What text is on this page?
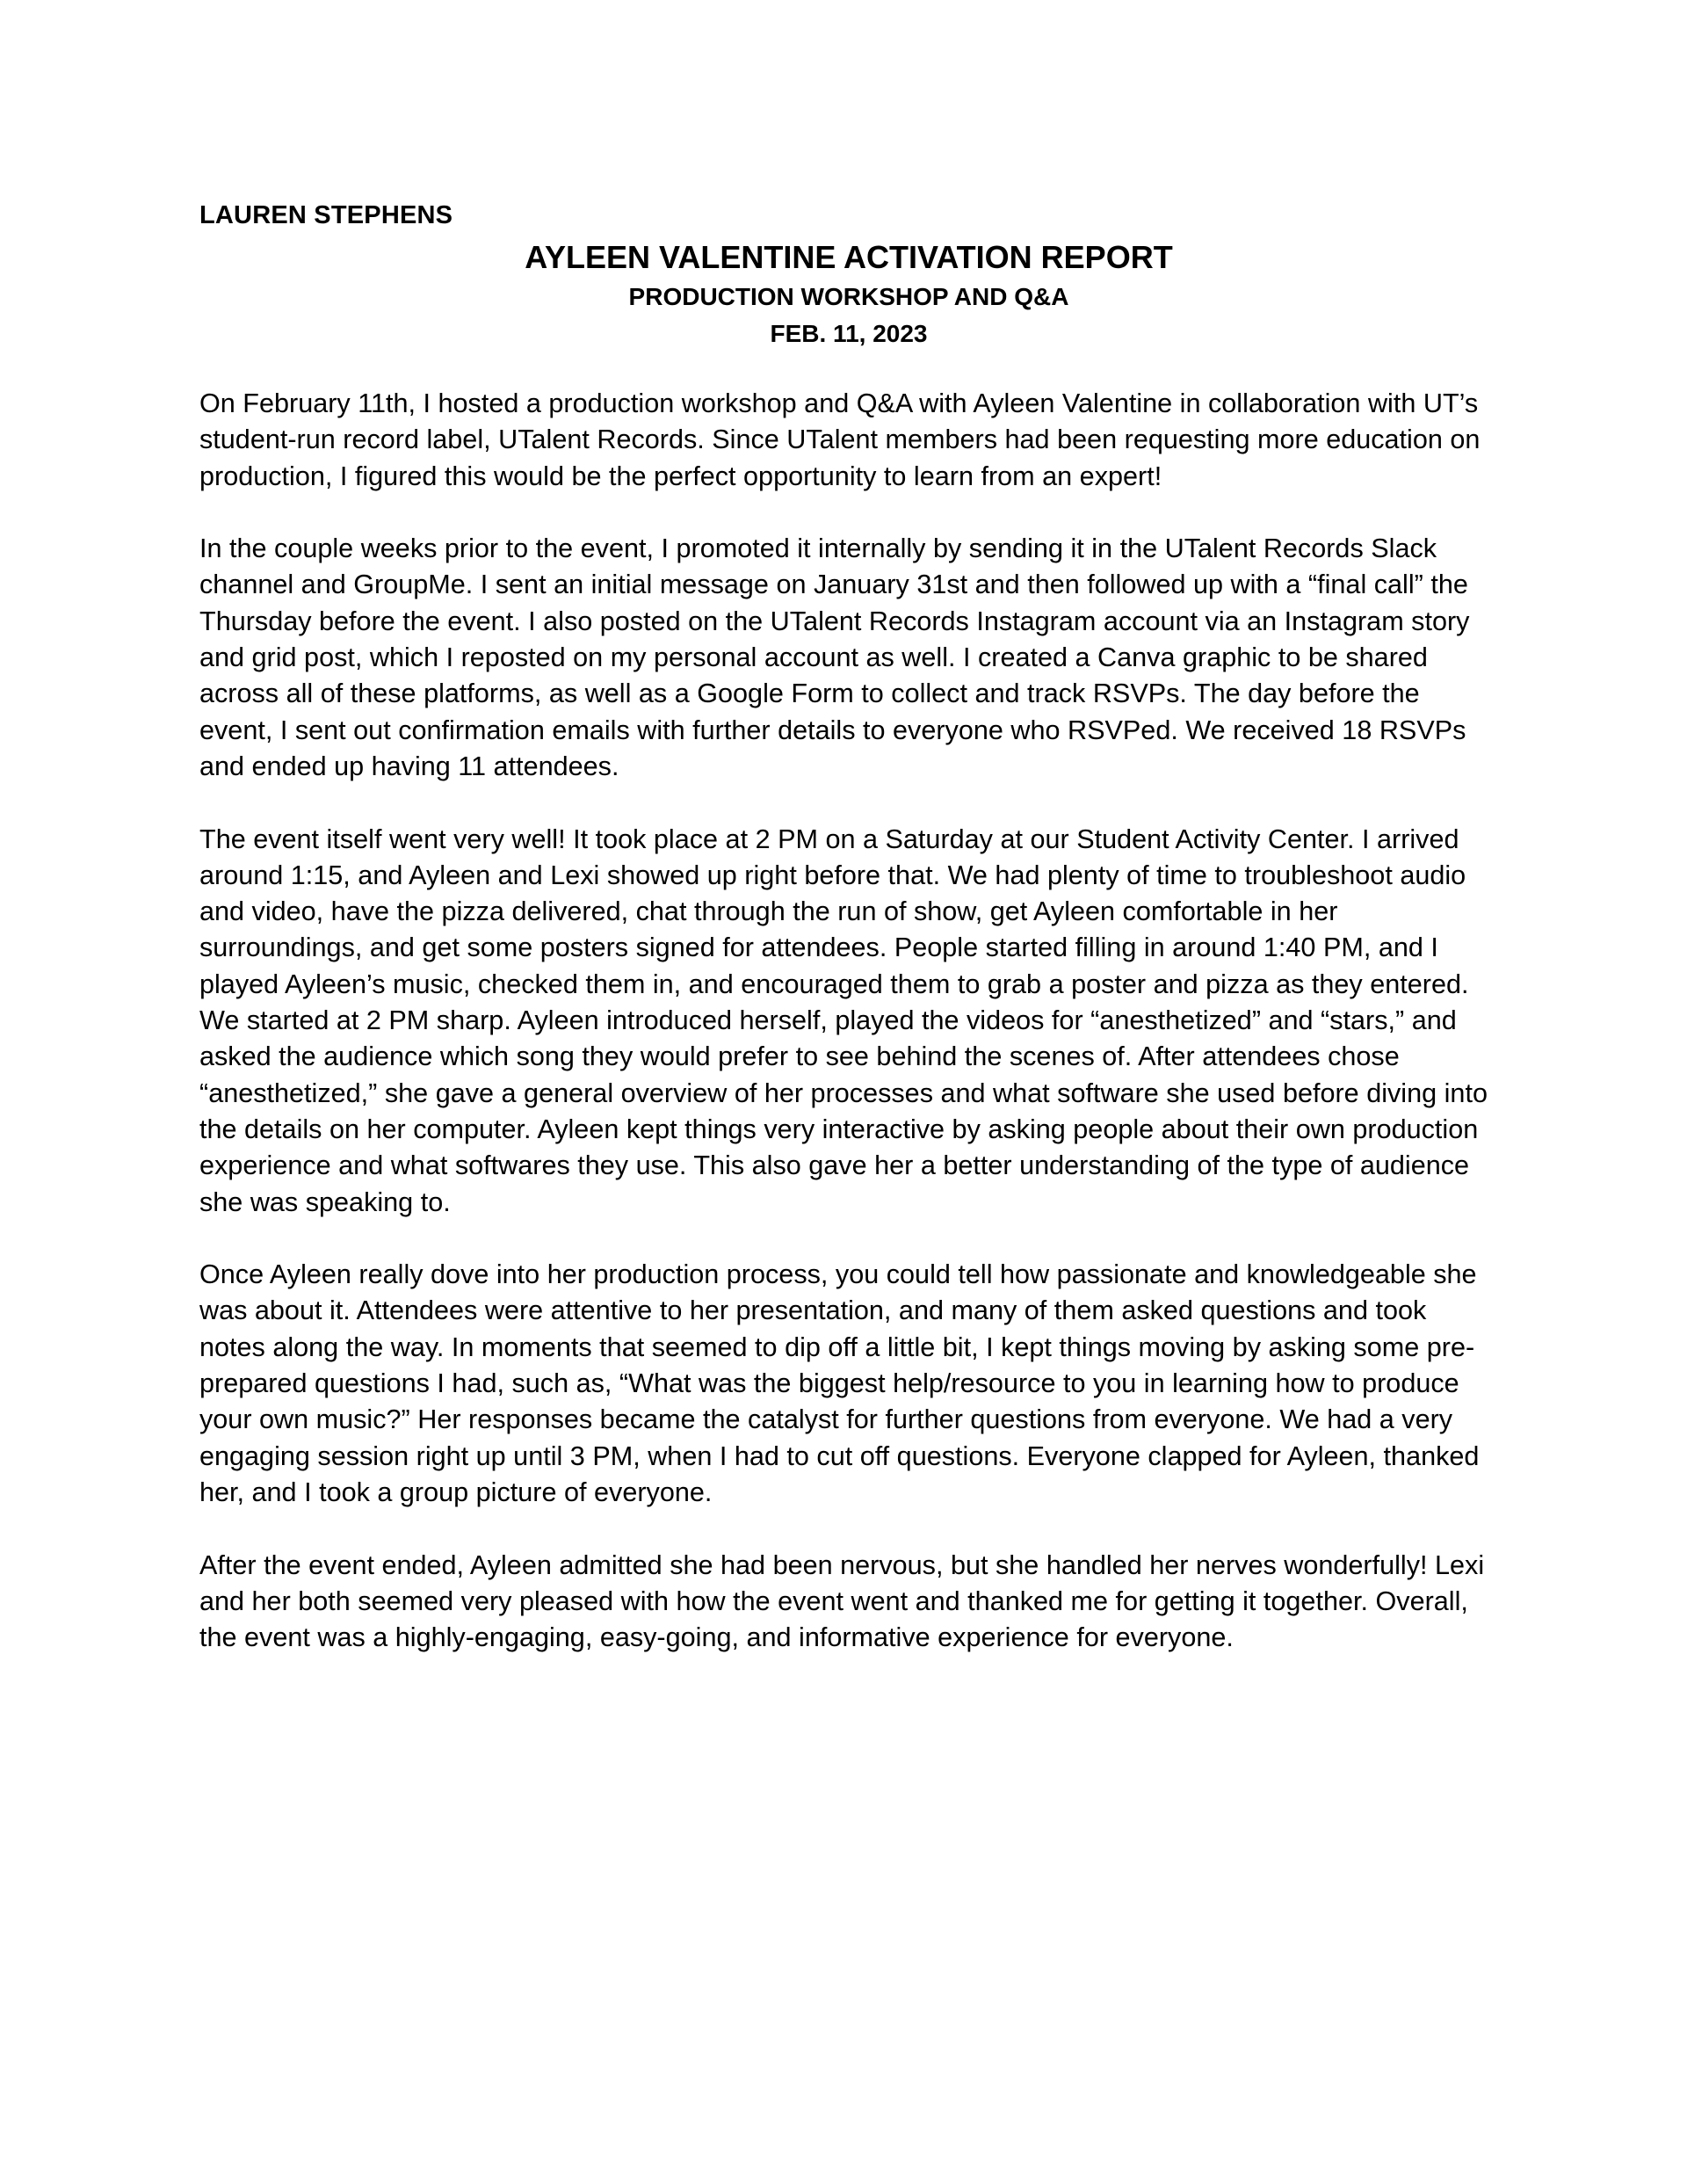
LAUREN STEPHENS

AYLEEN VALENTINE ACTIVATION REPORT
PRODUCTION WORKSHOP AND Q&A
FEB. 11, 2023

On February 11th, I hosted a production workshop and Q&A with Ayleen Valentine in collaboration with UT’s student-run record label, UTalent Records. Since UTalent members had been requesting more education on production, I figured this would be the perfect opportunity to learn from an expert!

In the couple weeks prior to the event, I promoted it internally by sending it in the UTalent Records Slack channel and GroupMe. I sent an initial message on January 31st and then followed up with a “final call” the Thursday before the event. I also posted on the UTalent Records Instagram account via an Instagram story and grid post, which I reposted on my personal account as well. I created a Canva graphic to be shared across all of these platforms, as well as a Google Form to collect and track RSVPs. The day before the event, I sent out confirmation emails with further details to everyone who RSVPed. We received 18 RSVPs and ended up having 11 attendees.

The event itself went very well! It took place at 2 PM on a Saturday at our Student Activity Center. I arrived around 1:15, and Ayleen and Lexi showed up right before that. We had plenty of time to troubleshoot audio and video, have the pizza delivered, chat through the run of show, get Ayleen comfortable in her surroundings, and get some posters signed for attendees. People started filling in around 1:40 PM, and I played Ayleen’s music, checked them in, and encouraged them to grab a poster and pizza as they entered. We started at 2 PM sharp. Ayleen introduced herself, played the videos for “anesthetized” and “stars,” and asked the audience which song they would prefer to see behind the scenes of. After attendees chose “anesthetized,” she gave a general overview of her processes and what software she used before diving into the details on her computer. Ayleen kept things very interactive by asking people about their own production experience and what softwares they use. This also gave her a better understanding of the type of audience she was speaking to.

Once Ayleen really dove into her production process, you could tell how passionate and knowledgeable she was about it. Attendees were attentive to her presentation, and many of them asked questions and took notes along the way. In moments that seemed to dip off a little bit, I kept things moving by asking some pre-prepared questions I had, such as, “What was the biggest help/resource to you in learning how to produce your own music?” Her responses became the catalyst for further questions from everyone. We had a very engaging session right up until 3 PM, when I had to cut off questions. Everyone clapped for Ayleen, thanked her, and I took a group picture of everyone.

After the event ended, Ayleen admitted she had been nervous, but she handled her nerves wonderfully! Lexi and her both seemed very pleased with how the event went and thanked me for getting it together. Overall, the event was a highly-engaging, easy-going, and informative experience for everyone.
